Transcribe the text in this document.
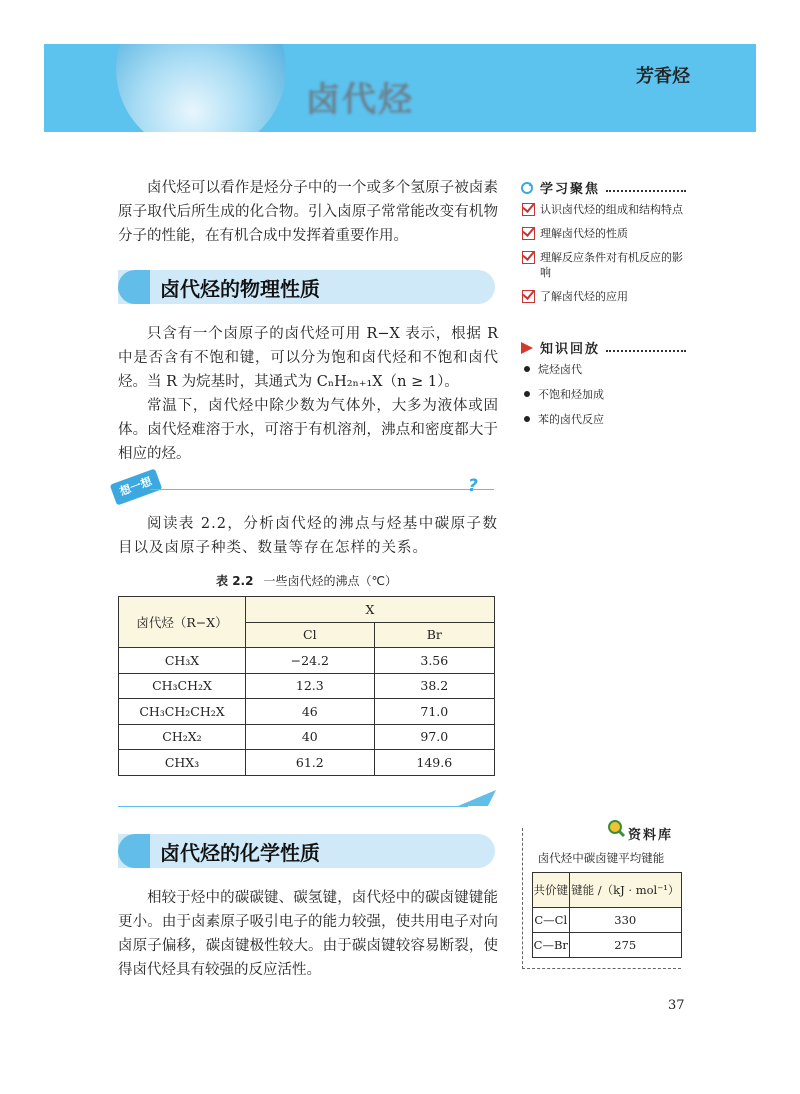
卤代烃
芳香烃

卤代烃可以看作是烃分子中的一个或多个氢原子被卤素原子取代后所生成的化合物。引入卤原子常常能改变有机物分子的性能，在有机合成中发挥着重要作用。

卤代烃的物理性质

只含有一个卤原子的卤代烃可用 R−X 表示，根据 R 中是否含有不饱和键，可以分为饱和卤代烃和不饱和卤代烃。当 R 为烷基时，其通式为 CₙH₂ₙ₊₁X（n ≥ 1）。

常温下，卤代烃中除少数为气体外，大多为液体或固体。卤代烃难溶于水，可溶于有机溶剂，沸点和密度都大于相应的烃。

想一想	?

阅读表 2.2，分析卤代烃的沸点与烃基中碳原子数目以及卤原子种类、数量等存在怎样的关系。

表 2.2 一些卤代烃的沸点（℃）
卤代烃（R−X）	X	
	Cl	Br
CH₃X	−24.2	3.56
CH₃CH₂X	12.3	38.2
CH₃CH₂CH₂X	46	71.0
CH₂X₂	40	97.0
CHX₃	61.2	149.6
卤代烃的化学性质

相较于烃中的碳碳键、碳氢键，卤代烃中的碳卤键键能更小。由于卤素原子吸引电子的能力较强，使共用电子对向卤原子偏移，碳卤键极性较大。由于碳卤键较容易断裂，使得卤代烃具有较强的反应活性。

学习聚焦
认识卤代烃的组成和结构特点
理解卤代烃的性质
理解反应条件对有机反应的影响
了解卤代烃的应用
知识回放
烷烃卤代
不饱和烃加成
苯的卤代反应
资料库
卤代烃中碳卤键平均键能
共价键	键能 /（kJ · mol⁻¹）
C—Cl	330
C—Br	275
37
